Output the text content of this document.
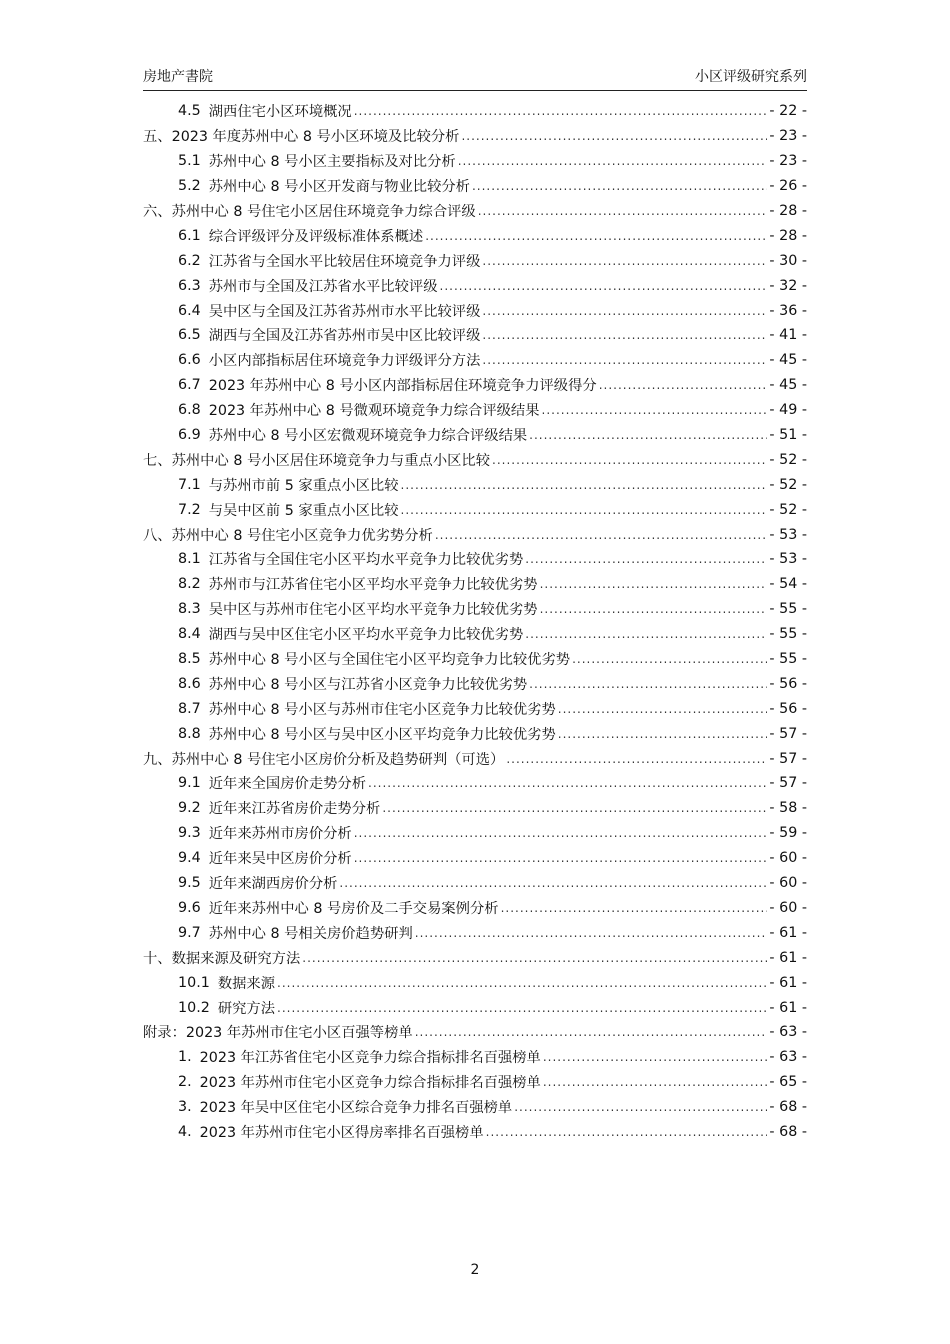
房地产書院	小区评级研究系列
4.5 湖西住宅小区环境概况 .....	- 22 -
五、 2023 年度苏州中心 8 号小区环境及比较分析 .....	- 23 -
5.1 苏州中心 8 号小区主要指标及对比分析 .....	- 23 -
5.2 苏州中心 8 号小区开发商与物业比较分析 .....	- 26 -
六、 苏州中心 8 号住宅小区居住环境竞争力综合评级 .....	- 28 -
6.1 综合评级评分及评级标准体系概述 .....	- 28 -
6.2 江苏省与全国水平比较居住环境竞争力评级 .....	- 30 -
6.3 苏州市与全国及江苏省水平比较评级 .....	- 32 -
6.4 吴中区与全国及江苏省苏州市水平比较评级 .....	- 36 -
6.5 湖西与全国及江苏省苏州市吴中区比较评级 .....	- 41 -
6.6 小区内部指标居住环境竞争力评级评分方法 .....	- 45 -
6.7 2023 年苏州中心 8 号小区内部指标居住环境竞争力评级得分 .....	- 45 -
6.8 2023 年苏州中心 8 号微观环境竞争力综合评级结果 .....	- 49 -
6.9 苏州中心 8 号小区宏微观环境竞争力综合评级结果 .....	- 51 -
七、 苏州中心 8 号小区居住环境竞争力与重点小区比较 .....	- 52 -
7.1 与苏州市前 5 家重点小区比较 .....	- 52 -
7.2 与吴中区前 5 家重点小区比较 .....	- 52 -
八、 苏州中心 8 号住宅小区竞争力优劣势分析 .....	- 53 -
8.1 江苏省与全国住宅小区平均水平竞争力比较优劣势 .....	- 53 -
8.2 苏州市与江苏省住宅小区平均水平竞争力比较优劣势 .....	- 54 -
8.3 吴中区与苏州市住宅小区平均水平竞争力比较优劣势 .....	- 55 -
8.4 湖西与吴中区住宅小区平均水平竞争力比较优劣势 .....	- 55 -
8.5 苏州中心 8 号小区与全国住宅小区平均竞争力比较优劣势 .....	- 55 -
8.6 苏州中心 8 号小区与江苏省小区竞争力比较优劣势 .....	- 56 -
8.7 苏州中心 8 号小区与苏州市住宅小区竞争力比较优劣势 .....	- 56 -
8.8 苏州中心 8 号小区与吴中区小区平均竞争力比较优劣势 .....	- 57 -
九、 苏州中心 8 号住宅小区房价分析及趋势研判（可选） .....	- 57 -
9.1 近年来全国房价走势分析 .....	- 57 -
9.2 近年来江苏省房价走势分析 .....	- 58 -
9.3 近年来苏州市房价分析 .....	- 59 -
9.4 近年来吴中区房价分析 .....	- 60 -
9.5 近年来湖西房价分析 .....	- 60 -
9.6 近年来苏州中心 8 号房价及二手交易案例分析 .....	- 60 -
9.7 苏州中心 8 号相关房价趋势研判 .....	- 61 -
十、 数据来源及研究方法 .....	- 61 -
10.1 数据来源 .....	- 61 -
10.2 研究方法 .....	- 61 -
附录： 2023 年苏州市住宅小区百强等榜单 .....	- 63 -
1. 2023 年江苏省住宅小区竞争力综合指标排名百强榜单 .....	- 63 -
2. 2023 年苏州市住宅小区竞争力综合指标排名百强榜单 .....	- 65 -
3. 2023 年吴中区住宅小区综合竞争力排名百强榜单 .....	- 68 -
4. 2023 年苏州市住宅小区得房率排名百强榜单 .....	- 68 -
2
